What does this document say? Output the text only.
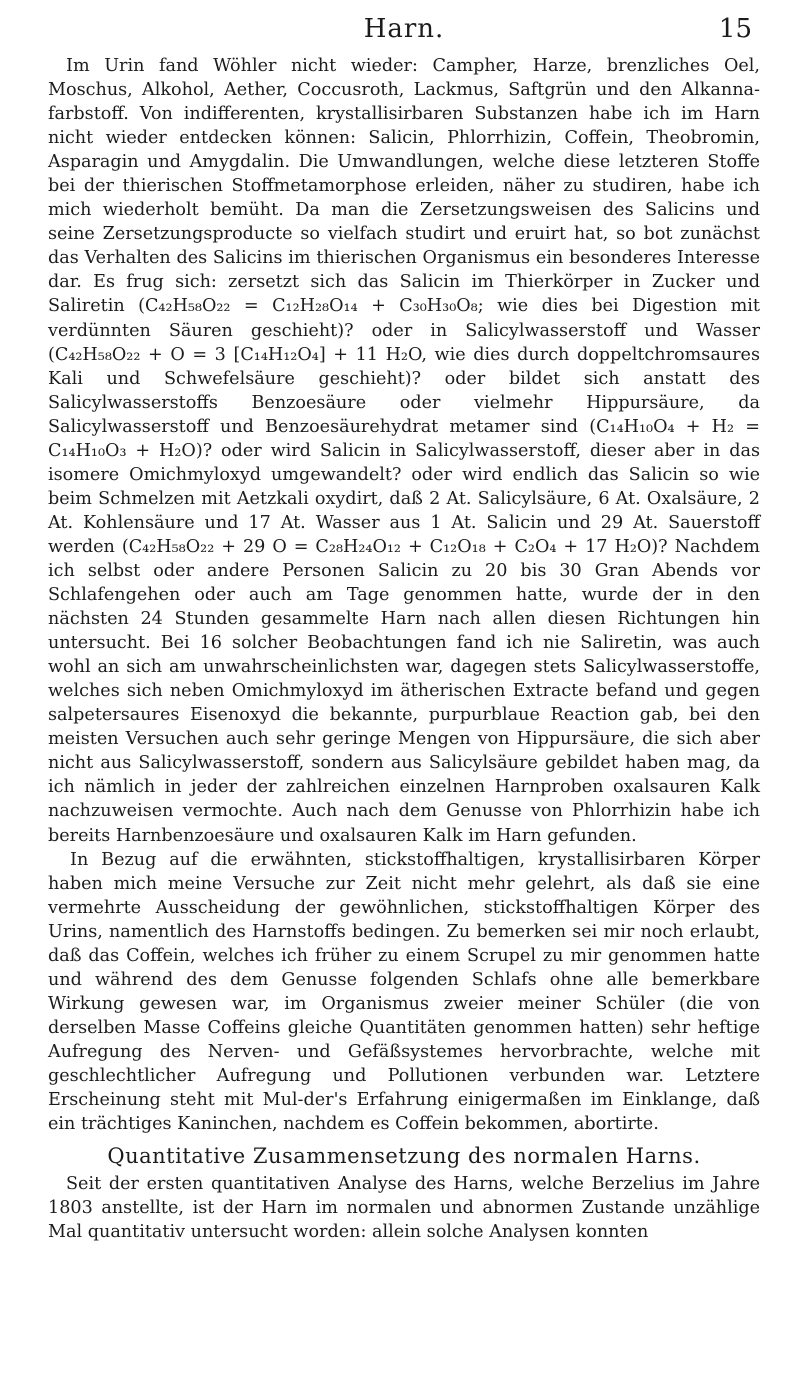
Harn.	15

Im Urin fand Wöhler nicht wieder: Campher, Harze, brenzliches Oel, Moschus, Alkohol, Aether, Coccusroth, Lackmus, Saftgrün und den Alkanna-farbstoff. Von indifferenten, krystallisirbaren Substanzen habe ich im Harn nicht wieder entdecken können: Salicin, Phlorrhizin, Coffein, Theobromin, Asparagin und Amygdalin. Die Umwandlungen, welche diese letzteren Stoffe bei der thierischen Stoffmetamorphose erleiden, näher zu studiren, habe ich mich wiederholt bemüht. Da man die Zersetzungsweisen des Salicins und seine Zersetzungsproducte so vielfach studirt und eruirt hat, so bot zunächst das Verhalten des Salicins im thierischen Organismus ein besonderes Interesse dar. Es frug sich: zersetzt sich das Salicin im Thierkörper in Zucker und Saliretin (C₄₂H₅₈O₂₂ = C₁₂H₂₈O₁₄ + C₃₀H₃₀O₈; wie dies bei Digestion mit verdünnten Säuren geschieht)? oder in Salicylwasserstoff und Wasser (C₄₂H₅₈O₂₂ + O = 3 [C₁₄H₁₂O₄] + 11 H₂O, wie dies durch doppeltchromsaures Kali und Schwefelsäure geschieht)? oder bildet sich anstatt des Salicylwasserstoffs Benzoesäure oder vielmehr Hippursäure, da Salicylwasserstoff und Benzoesäurehydrat metamer sind (C₁₄H₁₀O₄ + H₂ = C₁₄H₁₀O₃ + H₂O)? oder wird Salicin in Salicylwasserstoff, dieser aber in das isomere Omichmyloxyd umgewandelt? oder wird endlich das Salicin so wie beim Schmelzen mit Aetzkali oxydirt, daß 2 At. Salicylsäure, 6 At. Oxalsäure, 2 At. Kohlensäure und 17 At. Wasser aus 1 At. Salicin und 29 At. Sauerstoff werden (C₄₂H₅₈O₂₂ + 29 O = C₂₈H₂₄O₁₂ + C₁₂O₁₈ + C₂O₄ + 17 H₂O)? Nachdem ich selbst oder andere Personen Salicin zu 20 bis 30 Gran Abends vor Schlafengehen oder auch am Tage genommen hatte, wurde der in den nächsten 24 Stunden gesammelte Harn nach allen diesen Richtungen hin untersucht. Bei 16 solcher Beobachtungen fand ich nie Saliretin, was auch wohl an sich am unwahrscheinlichsten war, dagegen stets Salicylwasserstoffe, welches sich neben Omichmyloxyd im ätherischen Extracte befand und gegen salpetersaures Eisenoxyd die bekannte, purpurblaue Reaction gab, bei den meisten Versuchen auch sehr geringe Mengen von Hippursäure, die sich aber nicht aus Salicylwasserstoff, sondern aus Salicylsäure gebildet haben mag, da ich nämlich in jeder der zahlreichen einzelnen Harnproben oxalsauren Kalk nachzuweisen vermochte. Auch nach dem Genusse von Phlorrhizin habe ich bereits Harnbenzoesäure und oxalsauren Kalk im Harn gefunden.

In Bezug auf die erwähnten, stickstoffhaltigen, krystallisirbaren Körper haben mich meine Versuche zur Zeit nicht mehr gelehrt, als daß sie eine vermehrte Ausscheidung der gewöhnlichen, stickstoffhaltigen Körper des Urins, namentlich des Harnstoffs bedingen. Zu bemerken sei mir noch erlaubt, daß das Coffein, welches ich früher zu einem Scrupel zu mir genommen hatte und während des dem Genusse folgenden Schlafs ohne alle bemerkbare Wirkung gewesen war, im Organismus zweier meiner Schüler (die von derselben Masse Coffeins gleiche Quantitäten genommen hatten) sehr heftige Aufregung des Nerven- und Gefäßsystemes hervorbrachte, welche mit geschlechtlicher Aufregung und Pollutionen verbunden war. Letztere Erscheinung steht mit Mul-der's Erfahrung einigermaßen im Einklange, daß ein trächtiges Kaninchen, nachdem es Coffein bekommen, abortirte.

Quantitative Zusammensetzung des normalen Harns.

Seit der ersten quantitativen Analyse des Harns, welche Berzelius im Jahre 1803 anstellte, ist der Harn im normalen und abnormen Zustande unzählige Mal quantitativ untersucht worden: allein solche Analysen konnten
